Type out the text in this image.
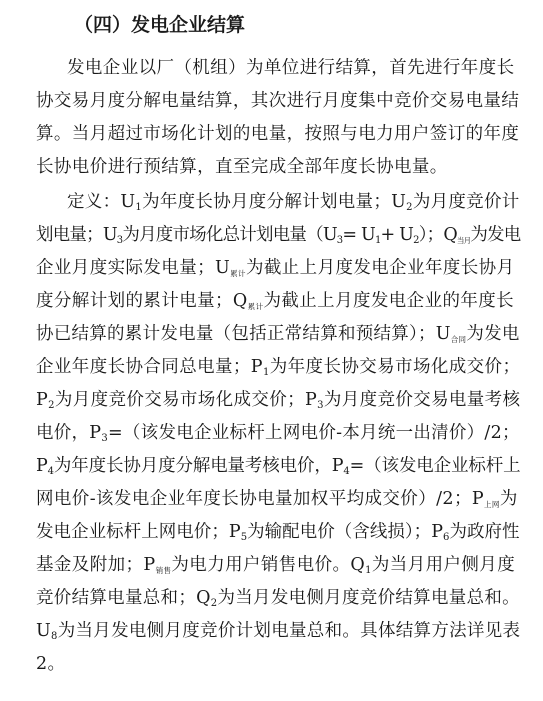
（四）发电企业结算
发电企业以厂（机组）为单位进行结算，首先进行年度长
协交易月度分解电量结算，其次进行月度集中竞价交易电量结
算。当月超过市场化计划的电量，按照与电力用户签订的年度
长协电价进行预结算，直至完成全部年度长协电量。
定义：$U_1$为年度长协月度分解计划电量；$U_2$为月度竞价计
划电量；$U_3$为月度市场化总计划电量$(U_3= U_1+ U_2)$；$Q_{当月}$为发电
企业月度实际发电量；$U_{累计}$为截止上月度发电企业年度长协月
度分解计划的累计电量；$Q_{累计}$为截止上月度发电企业的年度长
协已结算的累计发电量（包括正常结算和预结算）；$U_{合同}$为发电
企业年度长协合同总电量；$P_1$为年度长协交易市场化成交价；
$P_2$为月度竞价交易市场化成交价；$P_3$为月度竞价交易电量考核
电价，$P_3=$（该发电企业标杆上网电价-本月统一出清价）/2；
$P_4$为年度长协月度分解电量考核电价，$P_4=$（该发电企业标杆上
网电价-该发电企业年度长协电量加权平均成交价）/2；$P_{上网}$为
发电企业标杆上网电价；$P_5$为输配电价（含线损）；$P_6$为政府性
基金及附加；$P_{销售}$为电力用户销售电价。$Q_1$为当月用户侧月度
竞价结算电量总和；$Q_2$为当月发电侧月度竞价结算电量总和。
$U_8$为当月发电侧月度竞价计划电量总和。具体结算方法详见表
2。
